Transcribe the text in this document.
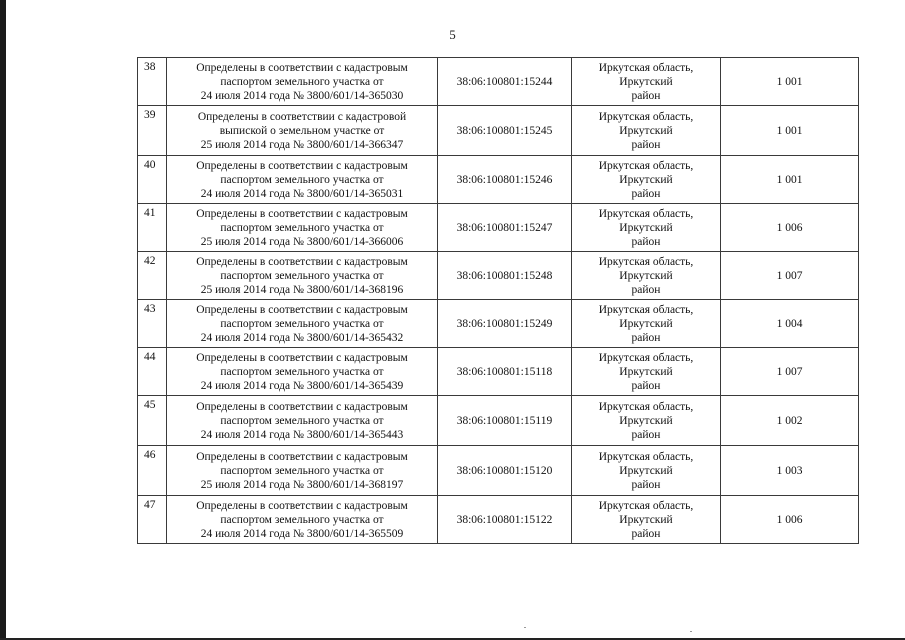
5
38	Определены в соответствии с кадастровым
паспортом земельного участка от
24 июля 2014 года № 3800/601/14-365030	38:06:100801:15244	Иркутская область, Иркутский
район	1 001
39	Определены в соответствии с кадастровой
выпиской о земельном участке от
25 июля 2014 года № 3800/601/14-366347	38:06:100801:15245	Иркутская область, Иркутский
район	1 001
40	Определены в соответствии с кадастровым
паспортом земельного участка от
24 июля 2014 года № 3800/601/14-365031	38:06:100801:15246	Иркутская область, Иркутский
район	1 001
41	Определены в соответствии с кадастровым
паспортом земельного участка от
25 июля 2014 года № 3800/601/14-366006	38:06:100801:15247	Иркутская область, Иркутский
район	1 006
42	Определены в соответствии с кадастровым
паспортом земельного участка от
25 июля 2014 года № 3800/601/14-368196	38:06:100801:15248	Иркутская область, Иркутский
район	1 007
43	Определены в соответствии с кадастровым
паспортом земельного участка от
24 июля 2014 года № 3800/601/14-365432	38:06:100801:15249	Иркутская область, Иркутский
район	1 004
44	Определены в соответствии с кадастровым
паспортом земельного участка от
24 июля 2014 года № 3800/601/14-365439	38:06:100801:15118	Иркутская область, Иркутский
район	1 007
45	Определены в соответствии с кадастровым
паспортом земельного участка от
24 июля 2014 года № 3800/601/14-365443	38:06:100801:15119	Иркутская область, Иркутский
район	1 002
46	Определены в соответствии с кадастровым
паспортом земельного участка от
25 июля 2014 года № 3800/601/14-368197	38:06:100801:15120	Иркутская область, Иркутский
район	1 003
47	Определены в соответствии с кадастровым
паспортом земельного участка от
24 июля 2014 года № 3800/601/14-365509	38:06:100801:15122	Иркутская область, Иркутский
район	1 006
